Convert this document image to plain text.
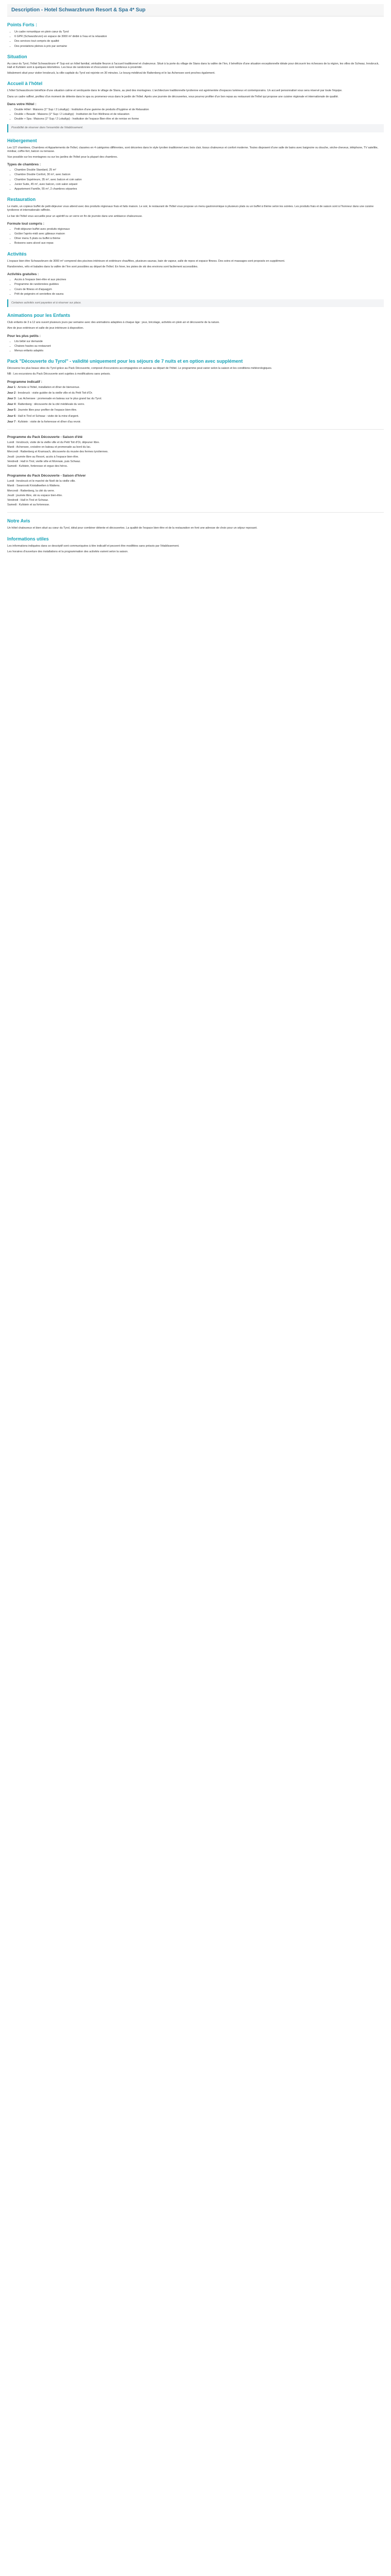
Description - Hotel Schwarzbrunn Resort & Spa 4* Sup
Points Forts :
• Un cadre romantique en plein cœur du Tyrol
• 6 GPR (Schwarzbrunn) en espace de 3000 m² dédié à l'eau et la relaxation
• Des services tout compris de qualité
• Des prestations pleines à prix par semaine
Situation

Au cœur du Tyrol, l'hôtel Schwarzbrunn 4* Sup est un hôtel familial, véritable fleuron à l'accueil traditionnel et chaleureux. Situé à la porte du village de Stans dans la vallée de l'Inn, il bénéficie d'une situation exceptionnelle idéale pour découvrir les richesses de la région, les villes de Schwaz, Innsbruck, Hall et Kufstein sont à quelques kilomètres. Les lieux de randonnée et d'excursion sont nombreux à proximité.

Idéalement situé pour visiter Innsbruck, la ville-capitale du Tyrol est rejointe en 30 minutes. Le bourg médiéval de Rattenberg et le lac Achensee sont proches également.

Accueil à l'hôtel

L'hôtel Schwarzbrunn bénéficie d'une situation calme et verdoyante dans le village de Stans, au pied des montagnes. L'architecture traditionnelle tyrolienne est agrémentée d'espaces lumineux et contemporains. Un accueil personnalisé vous sera réservé par toute l'équipe.

Dans un cadre raffiné, profitez d'un moment de détente dans le spa ou promenez-vous dans le jardin de l'hôtel. Après une journée de découvertes, vous pourrez profiter d'un bon repas au restaurant de l'hôtel qui propose une cuisine régionale et internationale de qualité.

Dans votre Hôtel :
• Double Hôtel : Maisons (1* Sup / 2 Lokaltyp) : Institution d'une gamme de produits d'hygiène et de Relaxation
• Double + Beauté : Maisons (1* Sup / 2 Lokaltyp) : Institution de Fen Wellness et de relaxation
• Double + Spa : Maisons (1* Sup / 2 Lokaltyp) : Institution de l'espace Bien-être et de remise en forme

Possibilité de réserver dans l'ensemble de l'établissement.

Hébergement

Les 127 chambres, Chambres et Appartements de l'hôtel, classées en 4 catégories différentes, sont décorées dans le style tyrolien traditionnel avec bois clair, tissus chaleureux et confort moderne. Toutes disposent d'une salle de bains avec baignoire ou douche, sèche-cheveux, téléphone, TV satellite, minibar, coffre-fort, balcon ou terrasse.

Vue possible sur les montagnes ou sur les jardins de l'hôtel pour la plupart des chambres.

Types de chambres :
• Chambre Double Standard, 25 m²
• Chambre Double Confort, 30 m², avec balcon
• Chambre Supérieure, 35 m², avec balcon et coin salon
• Junior Suite, 45 m², avec balcon, coin salon séparé
• Appartement Famille, 55 m², 2 chambres séparées
Restauration

Le matin, un copieux buffet de petit-déjeuner vous attend avec des produits régionaux frais et faits maison. Le soir, le restaurant de l'hôtel vous propose un menu gastronomique à plusieurs plats ou un buffet à thème selon les soirées. Les produits frais et de saison sont à l'honneur dans une cuisine tyrolienne et internationale raffinée.

Le bar de l'hôtel vous accueille pour un apéritif ou un verre en fin de journée dans une ambiance chaleureuse.

Formule tout compris :
• Petit-déjeuner buffet avec produits régionaux
• Goûter l'après-midi avec gâteaux maison
• Dîner menu 5 plats ou buffet à thème
• Boissons sans alcool aux repas
Activités

L'espace bien-être Schwarzbrunn de 3000 m² comprend des piscines intérieure et extérieure chauffées, plusieurs saunas, bain de vapeur, salle de repos et espace fitness. Des soins et massages sont proposés en supplément.

Randonnées, vélo et balades dans la vallée de l'Inn sont possibles au départ de l'hôtel. En hiver, les pistes de ski des environs sont facilement accessibles.

Activités gratuites :
• Accès à l'espace bien-être et aux piscines
• Programme de randonnées guidées
• Cours de fitness et d'aquagym
• Prêt de peignoirs et serviettes de sauna

Certaines activités sont payantes et à réserver sur place.

Animations pour les Enfants

Club enfants de 3 à 12 ans ouvert plusieurs jours par semaine avec des animations adaptées à chaque âge : jeux, bricolage, activités en plein air et découverte de la nature.

Aire de jeux extérieure et salle de jeux intérieure à disposition.

Pour les plus petits :
• Lits bébé sur demande
• Chaises hautes au restaurant
• Menus enfants adaptés
Pack "Découverte du Tyrol" - validité uniquement pour les séjours de 7 nuits et en option avec supplément

Découvrez les plus beaux sites du Tyrol grâce au Pack Découverte, composé d'excursions accompagnées en autocar au départ de l'hôtel. Le programme peut varier selon la saison et les conditions météorologiques.

NB : Les excursions du Pack Découverte sont sujettes à modifications sans préavis.

Programme indicatif :

Jour 1 : Arrivée à l'hôtel, installation et dîner de bienvenue.

Jour 2 : Innsbruck : visite guidée de la vieille ville et du Petit Toit d'Or.

Jour 3 : Lac Achensee : promenade en bateau sur le plus grand lac du Tyrol.

Jour 4 : Rattenberg : découverte de la cité médiévale du verre.

Jour 5 : Journée libre pour profiter de l'espace bien-être.

Jour 6 : Hall in Tirol et Schwaz : visite de la mine d'argent.

Jour 7 : Kufstein : visite de la forteresse et dîner d'au revoir.

Programme du Pack Découverte - Saison d'été

Lundi : Innsbruck, visite de la vieille ville et du Petit Toit d'Or, déjeuner libre.

Mardi : Achensee, croisière en bateau et promenade au bord du lac.

Mercredi : Rattenberg et Kramsach, découverte du musée des fermes tyroliennes.

Jeudi : journée libre au Resort, accès à l'espace bien-être.

Vendredi : Hall in Tirol, vieille ville et Monnaie, puis Schwaz.

Samedi : Kufstein, forteresse et orgue des héros.

Programme du Pack Découverte - Saison d'hiver

Lundi : Innsbruck et le marché de Noël de la vieille ville.

Mardi : Swarovski Kristallwelten à Wattens.

Mercredi : Rattenberg, la cité du verre.

Jeudi : journée libre, ski ou espace bien-être.

Vendredi : Hall in Tirol et Schwaz.

Samedi : Kufstein et sa forteresse.

Notre Avis

Un hôtel chaleureux et bien situé au cœur du Tyrol, idéal pour combiner détente et découvertes. La qualité de l'espace bien-être et de la restauration en font une adresse de choix pour un séjour reposant.

Informations utiles

Les informations indiquées dans ce descriptif sont communiquées à titre indicatif et peuvent être modifiées sans préavis par l'établissement.

Les horaires d'ouverture des installations et la programmation des activités varient selon la saison.
